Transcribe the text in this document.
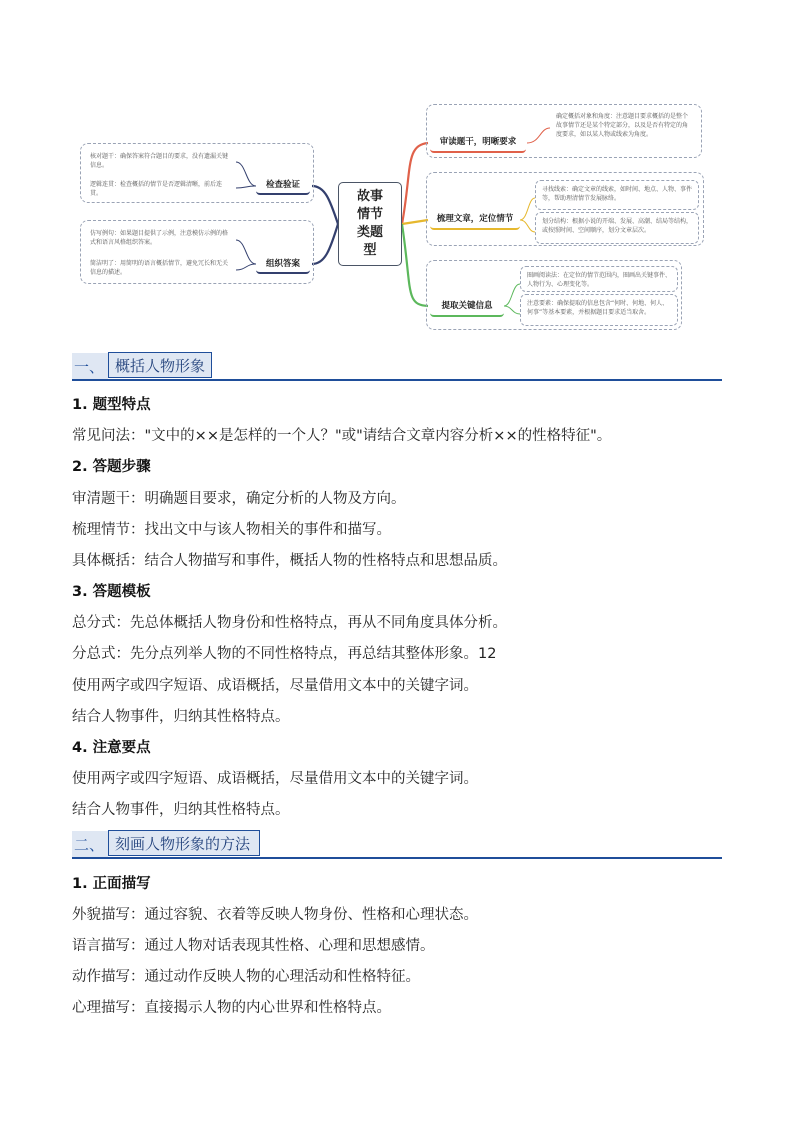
故事情节类题型
审读题干，明晰要求
确定概括对象和角度：注意题目要求概括的是整个故事情节还是某个特定部分，以及是否有特定的角度要求，如以某人物或线索为角度。
梳理文章，定位情节
寻找线索：确定文章的线索，如时间、地点、人物、事件等，帮助理清情节发展脉络。
划分结构：根据小说的开端、发展、高潮、结局等结构，或按照时间、空间顺序，划分文章层次。
提取关键信息
圈画阅读法：在定位的情节范围内，圈画出关键事件、人物行为、心理变化等。
注意要素：确保提取的信息包含“何时、何地、何人、何事”等基本要素，并根据题目要求适当取舍。
检查验证
核对题干：确保答案符合题目的要求，没有遗漏关键信息。
逻辑连贯：检查概括的情节是否逻辑清晰，前后连贯。
组织答案
仿写例句：如果题目提供了示例，注意模仿示例的格式和语言风格组织答案。
简洁明了：用简明的语言概括情节，避免冗长和无关信息的描述。
一、 概括人物形象
1. 题型特点
常见问法："文中的××是怎样的一个人？"或"请结合文章内容分析××的性格特征"。
2. 答题步骤
审清题干：明确题目要求，确定分析的人物及方向。
梳理情节：找出文中与该人物相关的事件和描写。
具体概括：结合人物描写和事件，概括人物的性格特点和思想品质。
3. 答题模板
总分式：先总体概括人物身份和性格特点，再从不同角度具体分析。
分总式：先分点列举人物的不同性格特点，再总结其整体形象。12
使用两字或四字短语、成语概括，尽量借用文本中的关键字词。
结合人物事件，归纳其性格特点。
4. 注意要点
使用两字或四字短语、成语概括，尽量借用文本中的关键字词。
结合人物事件，归纳其性格特点。
二、 刻画人物形象的方法
1. 正面描写
外貌描写：通过容貌、衣着等反映人物身份、性格和心理状态。
语言描写：通过人物对话表现其性格、心理和思想感情。
动作描写：通过动作反映人物的心理活动和性格特征。
心理描写：直接揭示人物的内心世界和性格特点。
